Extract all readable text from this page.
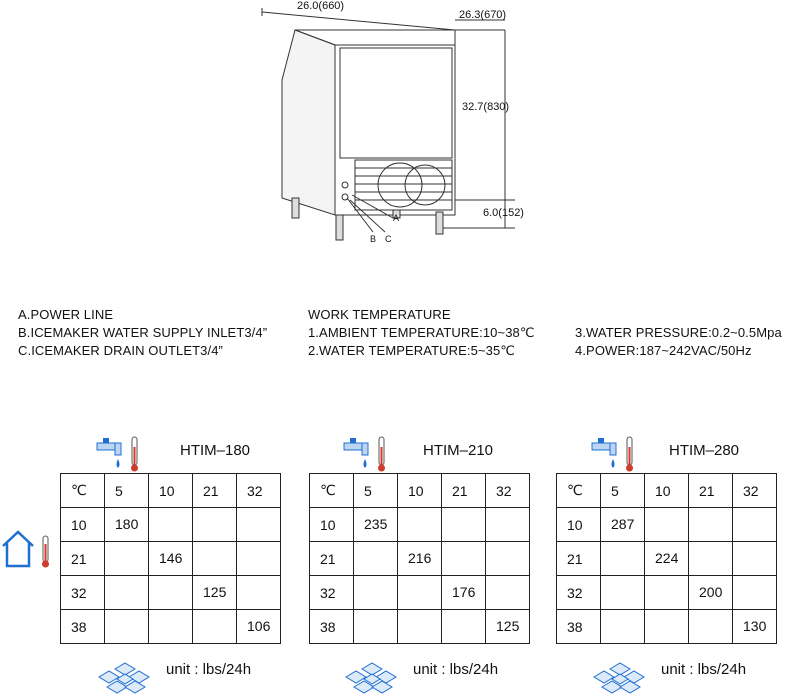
26.0(660)
26.3(670)
32.7(830)
6.0(152)
A
B C
A.POWER LINE
B.ICEMAKER WATER SUPPLY INLET3/4”
C.ICEMAKER DRAIN OUTLET3/4”
WORK TEMPERATURE
1.AMBIENT TEMPERATURE:10~38℃
2.WATER TEMPERATURE:5~35℃
3.WATER PRESSURE:0.2~0.5Mpa
4.POWER:187~242VAC/50Hz
HTIM–180
℃	5	10	21	32
10	180			
21		146		
32			125	
38				106
unit : lbs/24h
HTIM–210
℃	5	10	21	32
10	235			
21		216		
32			176	
38				125
unit : lbs/24h
HTIM–280
℃	5	10	21	32
10	287			
21		224		
32			200	
38				130
unit : lbs/24h
